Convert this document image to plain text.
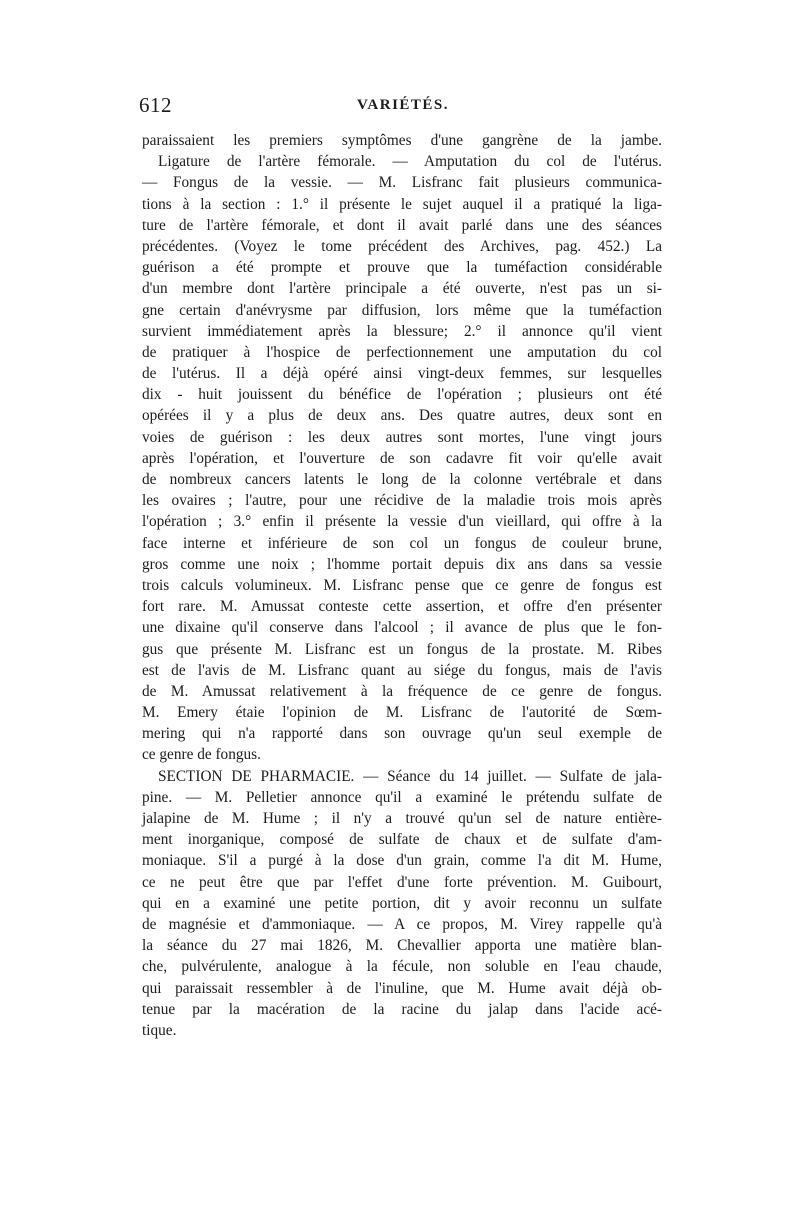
612	VARIÉTÉS.
paraissaient les premiers symptômes d'une gangrène de la jambe.
Ligature de l'artère fémorale. — Amputation du col de l'utérus.
— Fongus de la vessie. — M. Lisfranc fait plusieurs communica-
tions à la section : 1.° il présente le sujet auquel il a pratiqué la liga-
ture de l'artère fémorale, et dont il avait parlé dans une des séances
précédentes. (Voyez le tome précédent des Archives, pag. 452.) La
guérison a été prompte et prouve que la tuméfaction considérable
d'un membre dont l'artère principale a été ouverte, n'est pas un si-
gne certain d'anévrysme par diffusion, lors même que la tuméfaction
survient immédiatement après la blessure; 2.° il annonce qu'il vient
de pratiquer à l'hospice de perfectionnement une amputation du col
de l'utérus. Il a déjà opéré ainsi vingt-deux femmes, sur lesquelles
dix - huit jouissent du bénéfice de l'opération ; plusieurs ont été
opérées il y a plus de deux ans. Des quatre autres, deux sont en
voies de guérison : les deux autres sont mortes, l'une vingt jours
après l'opération, et l'ouverture de son cadavre fit voir qu'elle avait
de nombreux cancers latents le long de la colonne vertébrale et dans
les ovaires ; l'autre, pour une récidive de la maladie trois mois après
l'opération ; 3.° enfin il présente la vessie d'un vieillard, qui offre à la
face interne et inférieure de son col un fongus de couleur brune,
gros comme une noix ; l'homme portait depuis dix ans dans sa vessie
trois calculs volumineux. M. Lisfranc pense que ce genre de fongus est
fort rare. M. Amussat conteste cette assertion, et offre d'en présenter
une dixaine qu'il conserve dans l'alcool ; il avance de plus que le fon-
gus que présente M. Lisfranc est un fongus de la prostate. M. Ribes
est de l'avis de M. Lisfranc quant au siége du fongus, mais de l'avis
de M. Amussat relativement à la fréquence de ce genre de fongus.
M. Emery étaie l'opinion de M. Lisfranc de l'autorité de Sœm-
mering qui n'a rapporté dans son ouvrage qu'un seul exemple de
ce genre de fongus.
SECTION DE PHARMACIE. — Séance du 14 juillet. — Sulfate de jala-
pine. — M. Pelletier annonce qu'il a examiné le prétendu sulfate de
jalapine de M. Hume ; il n'y a trouvé qu'un sel de nature entière-
ment inorganique, composé de sulfate de chaux et de sulfate d'am-
moniaque. S'il a purgé à la dose d'un grain, comme l'a dit M. Hume,
ce ne peut être que par l'effet d'une forte prévention. M. Guibourt,
qui en a examiné une petite portion, dit y avoir reconnu un sulfate
de magnésie et d'ammoniaque. — A ce propos, M. Virey rappelle qu'à
la séance du 27 mai 1826, M. Chevallier apporta une matière blan-
che, pulvérulente, analogue à la fécule, non soluble en l'eau chaude,
qui paraissait ressembler à de l'inuline, que M. Hume avait déjà ob-
tenue par la macération de la racine du jalap dans l'acide acé-
tique.
